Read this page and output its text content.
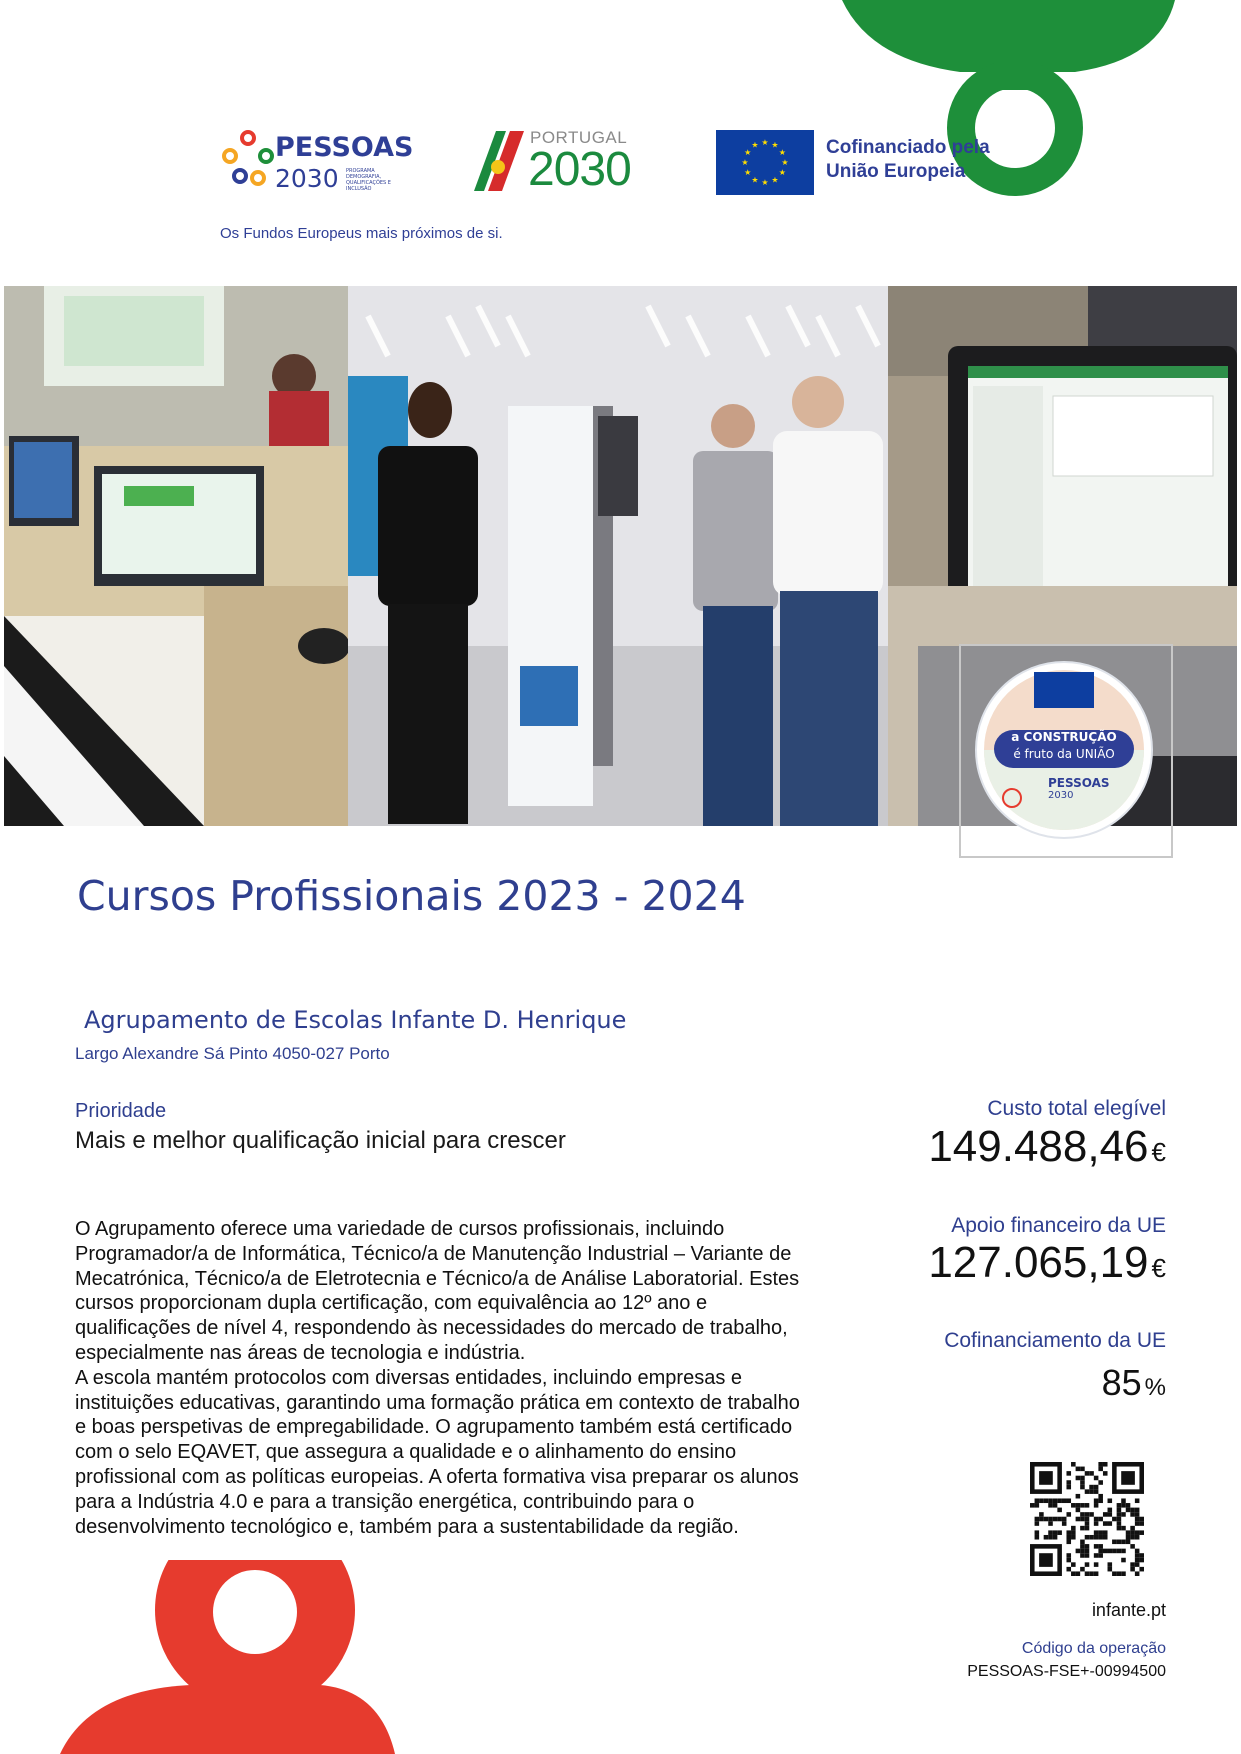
PESSOAS
2030 PROGRAMA DEMOGRAFIA, QUALIFICAÇÕES E INCLUSÃO
Os Fundos Europeus mais próximos de si.
PORTUGAL
2030
★ ★
★
★
★
★
★
★
★
★
★
★	Cofinanciado pela União Europeia
a CONSTRUÇÃO
é fruto da UNIÃO
PESSOAS
2030
Cursos Profissionais 2023 - 2024
Agrupamento de Escolas Infante D. Henrique
Largo Alexandre Sá Pinto 4050-027 Porto
Prioridade
Mais e melhor qualificação inicial para crescer

O Agrupamento oferece uma variedade de cursos profissionais, incluindo Programador/a de Informática, Técnico/a de Manutenção Industrial – Variante de Mecatrónica, Técnico/a de Eletrotecnia e Técnico/a de Análise Laboratorial. Estes cursos proporcionam dupla certificação, com equivalência ao 12º ano e qualificações de nível 4, respondendo às necessidades do mercado de trabalho, especialmente nas áreas de tecnologia e indústria.

A escola mantém protocolos com diversas entidades, incluindo empresas e instituições educativas, garantindo uma formação prática em contexto de trabalho e boas perspetivas de empregabilidade. O agrupamento também está certificado com o selo EQAVET, que assegura a qualidade e o alinhamento do ensino profissional com as políticas europeias. A oferta formativa visa preparar os alunos para a Indústria 4.0 e para a transição energética, contribuindo para o desenvolvimento tecnológico e, também para a sustentabilidade da região.

Custo total elegível
149.488,46 €
Apoio financeiro da UE
127.065,19 €
Cofinanciamento da UE
85 %
infante.pt
Código da operação
PESSOAS-FSE+-00994500
